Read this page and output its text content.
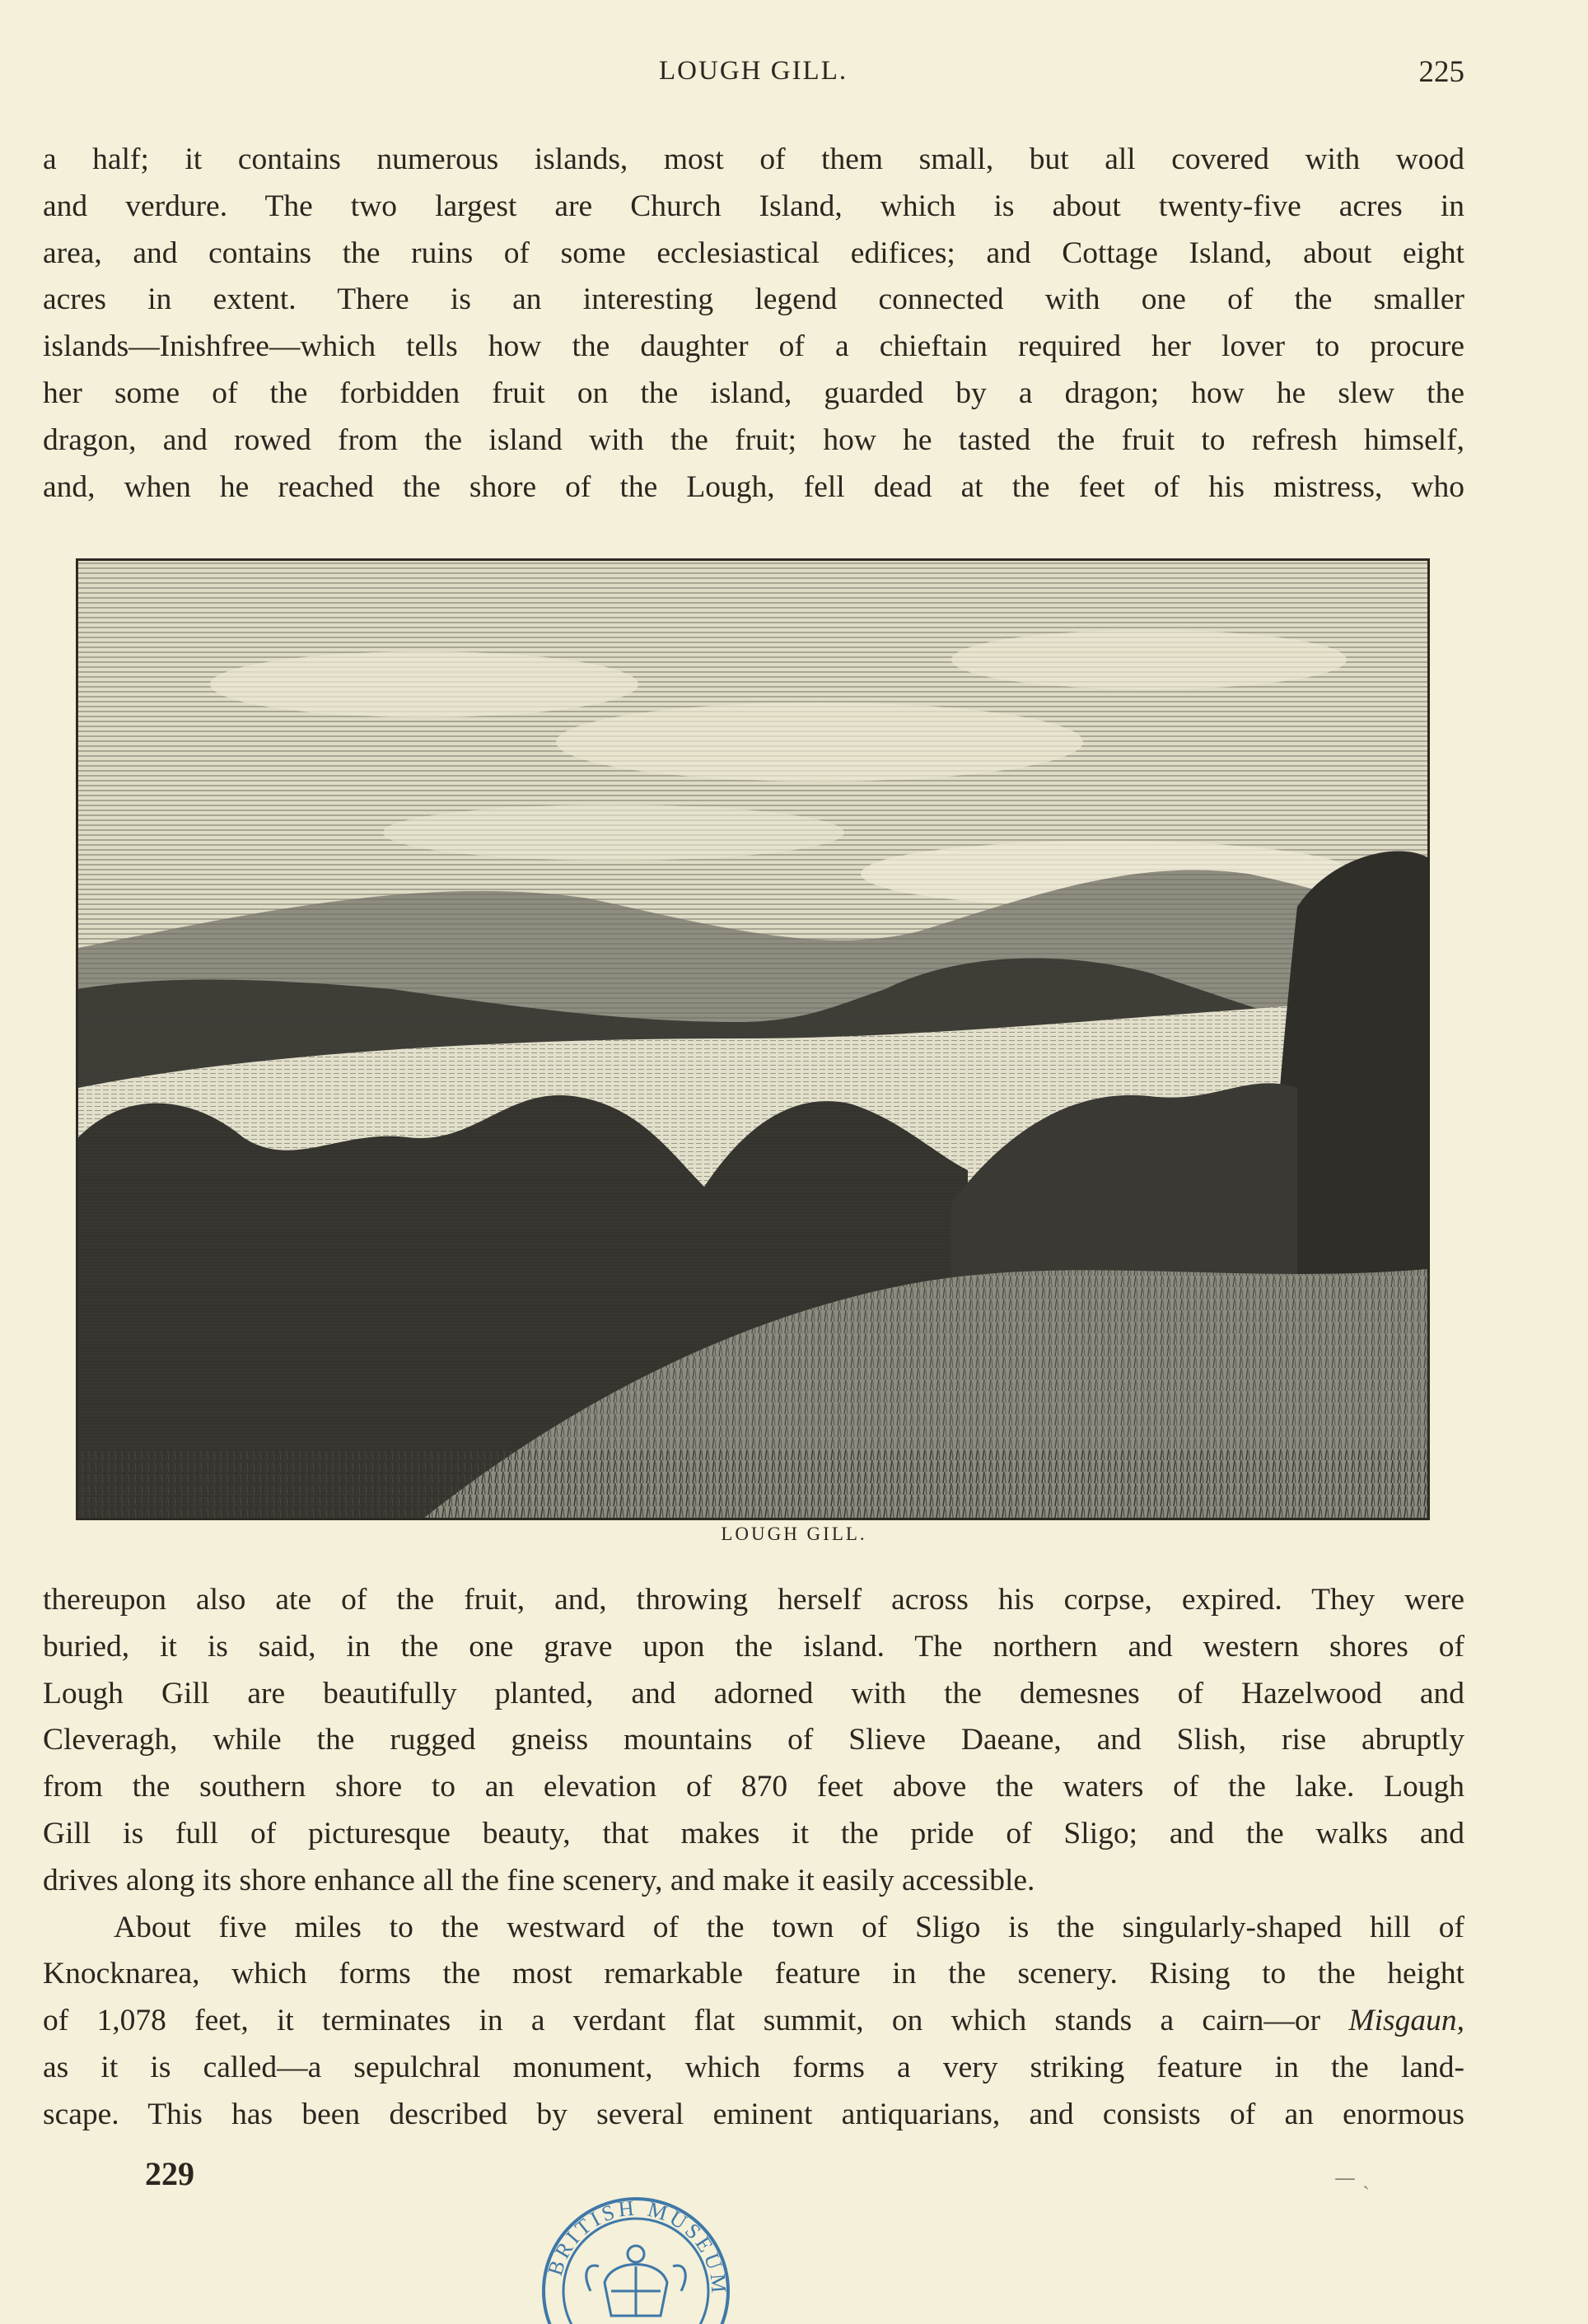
LOUGH GILL.	225
a half; it contains numerous islands, most of them small, but all covered with wood
and verdure. The two largest are Church Island, which is about twenty-five acres in
area, and contains the ruins of some ecclesiastical edifices; and Cottage Island, about eight
acres in extent. There is an interesting legend connected with one of the smaller
islands—Inishfree—which tells how the daughter of a chieftain required her lover to procure
her some of the forbidden fruit on the island, guarded by a dragon; how he slew the
dragon, and rowed from the island with the fruit; how he tasted the fruit to refresh himself,
and, when he reached the shore of the Lough, fell dead at the feet of his mistress, who
LOUGH GILL.
thereupon also ate of the fruit, and, throwing herself across his corpse, expired. They were
buried, it is said, in the one grave upon the island. The northern and western shores of
Lough Gill are beautifully planted, and adorned with the demesnes of Hazelwood and
Cleveragh, while the rugged gneiss mountains of Slieve Daeane, and Slish, rise abruptly
from the southern shore to an elevation of 870 feet above the waters of the lake. Lough
Gill is full of picturesque beauty, that makes it the pride of Sligo; and the walks and
drives along its shore enhance all the fine scenery, and make it easily accessible.
About five miles to the westward of the town of Sligo is the singularly-shaped hill of
Knocknarea, which forms the most remarkable feature in the scenery. Rising to the height
of 1,078 feet, it terminates in a verdant flat summit, on which stands a cairn—or Misgaun,
as it is called—a sepulchral monument, which forms a very striking feature in the land-
scape. This has been described by several eminent antiquarians, and consists of an enormous
229	— ˎ
BRITISH MUSEUM
